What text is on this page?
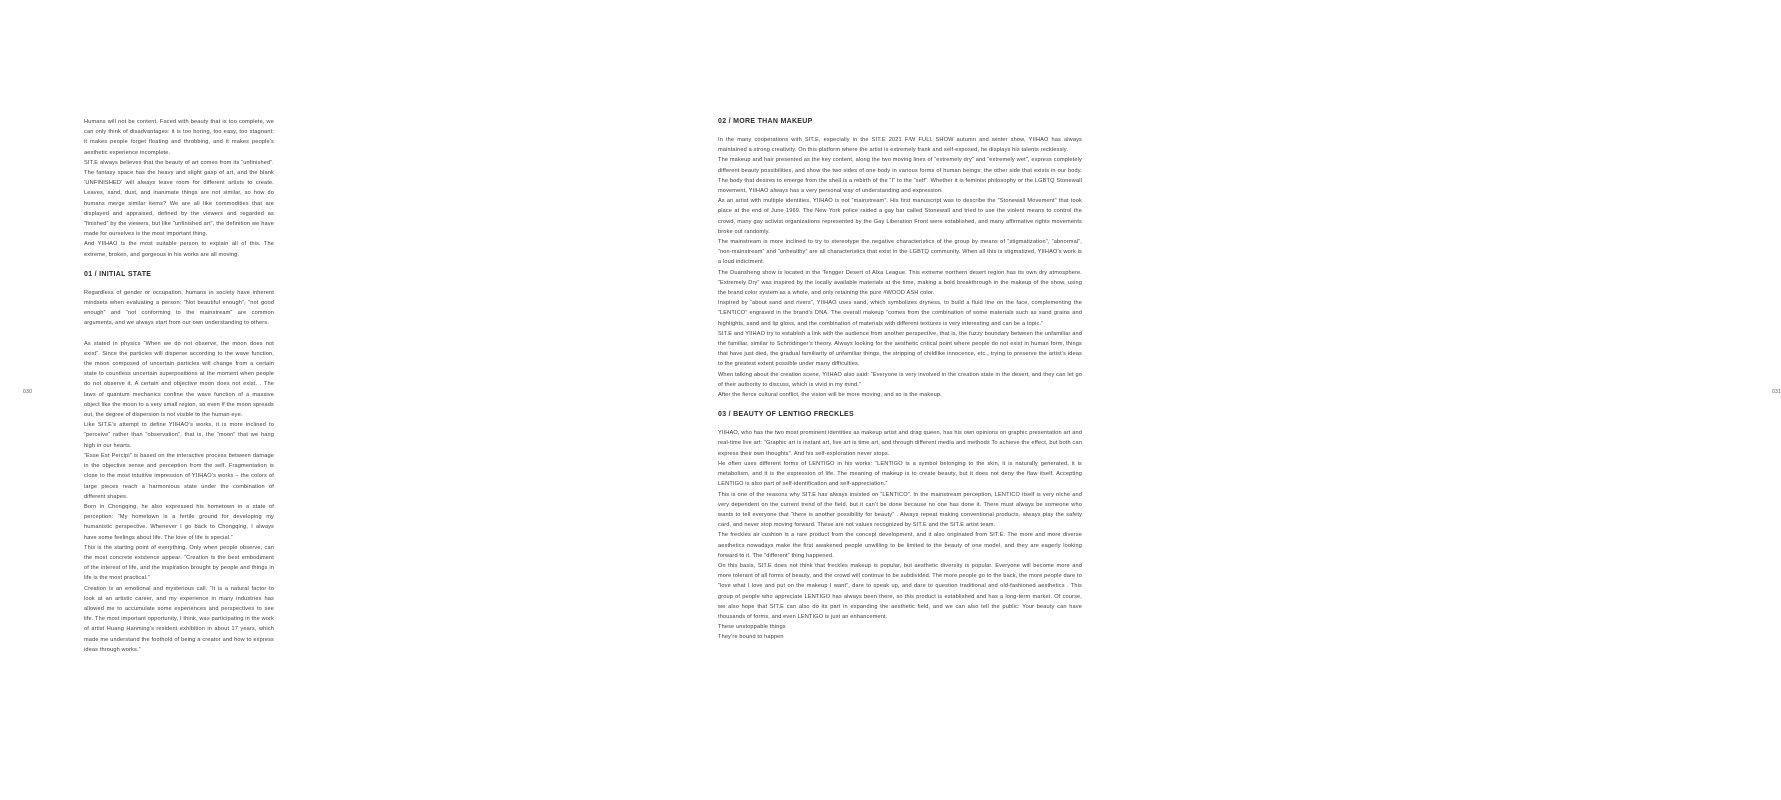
030

Humans will not be content. Faced with beauty that is too complete, we can only think of disadvantages: it is too boring, too easy, too stagnant; it makes people forget floating and throbbing, and it makes people’s aesthetic experience incomplete.

SIT.E always believes that the beauty of art comes from its “unfinished”. The fantasy space has the heavy and slight gasp of art, and the blank ‘UNFINISHED’ will always leave room for different artists to create. Leaves, sand, dust, and inanimate things are not similar, so how do humans merge similar items? We are all like commodities that are displayed and appraised, defined by the viewers and regarded as “finished” by the viewers, but like “unfinished art”, the definition we have made for ourselves is the most important thing.

And YIIHAO is the most suitable person to explain all of this. The extreme, broken, and gorgeous in his works are all moving.

01 / INITIAL STATE

Regardless of gender or occupation, humans in society have inherent mindsets when evaluating a person: “Not beautiful enough”, “not good enough” and “not conforming to the mainstream” are common arguments, and we always start from our own understanding to others.

As stated in physics “When we do not observe, the moon does not exist”. Since the particles will disperse according to the wave function, the moon composed of uncertain particles will change from a certain state to countless uncertain superpositions at the moment when people do not observe it. A certain and objective moon does not exist. . The laws of quantum mechanics confine the wave function of a massive object like the moon to a very small region, so even if the moon spreads out, the degree of dispersion is not visible to the human eye.

Like SIT.E’s attempt to define YIIHAO’s works, it is more inclined to “perceive” rather than “observation”, that is, the “moon” that we hang high in our hearts.

“Esse Est Percipi” is based on the interactive process between damage in the objective sense and perception from the self. Fragmentation is close to the most intuitive impression of YIIHAO’s works – the colors of large pieces reach a harmonious state under the combination of different shapes.

Born in Chongqing, he also expressed his hometown in a state of perception: “My hometown is a fertile ground for developing my humanistic perspective. Whenever I go back to Chongqing, I always have some feelings about life. The love of life is special.”

This is the starting point of everything. Only when people observe, can the most concrete existence appear. “Creation is the best embodiment of the interest of life, and the inspiration brought by people and things in life is the most practical.”

Creation is an emotional and mysterious call. “It is a natural factor to look at an artistic career, and my experience in many industries has allowed me to accumulate some experiences and perspectives to see life. The most important opportunity, I think, was participating in the work of artist Huang Hanming’s resident exhibition in about 17 years, which made me understand the foothold of being a creator and how to express ideas through works.”

031
02 / MORE THAN MAKEUP

In the many cooperations with SIT.E, especially in the SIT.E 2021 F/W FULL SHOW autumn and winter show, YIIHAO has always maintained a strong creativity. On this platform where the artist is extremely frank and self-exposed, he displays his talents recklessly.

The makeup and hair presented as the key content, along the two moving lines of “extremely dry” and “extremely wet”, express completely different beauty possibilities, and show the two sides of one body in various forms of human beings: the other side that exists in our body. The body that desires to emerge from the shell is a rebirth of the “I” to the “self”. Whether it is feminist philosophy or the LGBTQ Stonewall movement, YIIHAO always has a very personal way of understanding and expression.

As an artist with multiple identities, YIIHAO is not “mainstream”. His first manuscript was to describe the “Stonewall Movement” that took place at the end of June 1969. The New York police raided a gay bar called Stonewall and tried to use the violent means to control the crowd, many gay activist organizations represented by the Gay Liberation Front were established, and many affirmative rights movements broke out randomly.

The mainstream is more inclined to try to stereotype the negative characteristics of the group by means of “stigmatization”, “abnormal”, “non-mainstream” and “unhealthy” are all characteristics that exist in the LGBTQ community. When all this is stigmatized, YIIHAO’s work is a loud indictment.

The Duansheng show is located in the Tengger Desert of Alxa League. This extreme northern desert region has its own dry atmosphere. “Extremely Dry” was inspired by the locally available materials at the time, making a bold breakthrough in the makeup of the show, using the brand color system as a whole, and only retaining the pure #WOOD ASH color.

Inspired by “about sand and rivers”, YIIHAO uses sand, which symbolizes dryness, to build a fluid line on the face, complementing the “LENTICO” engraved in the brand’s DNA. The overall makeup “comes from the combination of some materials such as sand grains and highlights, sand and lip gloss, and the combination of materials with different textures is very interesting and can be a topic.”

SIT.E and YIIHAO try to establish a link with the audience from another perspective, that is, the fuzzy boundary between the unfamiliar and the familiar, similar to Schrödinger’s theory. Always looking for the aesthetic critical point where people do not exist in human form, things that have just died, the gradual familiarity of unfamiliar things, the stripping of childlike innocence, etc., trying to preserve the artist’s ideas to the greatest extent possible under many difficulties.

When talking about the creation scene, YIIHAO also said: “Everyone is very involved in the creation state in the desert, and they can let go of their authority to discuss, which is vivid in my mind.”

After the fierce cultural conflict, the vision will be more moving, and so is the makeup.

03 / BEAUTY OF LENTIGO FRECKLES

YIIHAO, who has the two most prominent identities as makeup artist and drag queen, has his own opinions on graphic presentation art and real-time live art: “Graphic art is instant art, live art is time art, and through different media and methods To achieve the effect, but both can express their own thoughts”. And his self-exploration never stops.

He often uses different forms of LENTIGO in his works: “LENTIGO is a symbol belonging to the skin, it is naturally generated, it is metabolism, and it is the expression of life. The meaning of makeup is to create beauty, but it does not deny the flaw itself. Accepting LENTIGO is also part of self-identification and self-appreciation.”

This is one of the reasons why SIT.E has always insisted on “LENTICO”. In the mainstream perception, LENTICO itself is very niche and very dependent on the current trend of the field, but it can’t be done because no one has done it. There must always be someone who wants to tell everyone that “there is another possibility for beauty” . Always repeat making conventional products, always play the safety card, and never stop moving forward. These are not values recognized by SIT.E and the SIT.E artist team.

The freckles air cushion is a rare product from the concept development, and it also originated from SIT.E. The more and more diverse aesthetics nowadays make the first awakened people unwilling to be limited to the beauty of one model, and they are eagerly looking forward to it. The “different” thing happened.

On this basis, SIT.E does not think that freckles makeup is popular, but aesthetic diversity is popular. Everyone will become more and more tolerant of all forms of beauty, and the crowd will continue to be subdivided. The more people go to the back, the more people dare to “love what I love and put on the makeup I want”, dare to speak up, and dare to question traditional and old-fashioned aesthetics . This group of people who appreciate LENTIGO has always been there, so this product is established and has a long-term market. Of course, we also hope that SIT.E can also do its part in expanding the aesthetic field, and we can also tell the public: Your beauty can have thousands of forms, and even LENTIGO is just an enhancement.

These unstoppable things

They’re bound to happen
